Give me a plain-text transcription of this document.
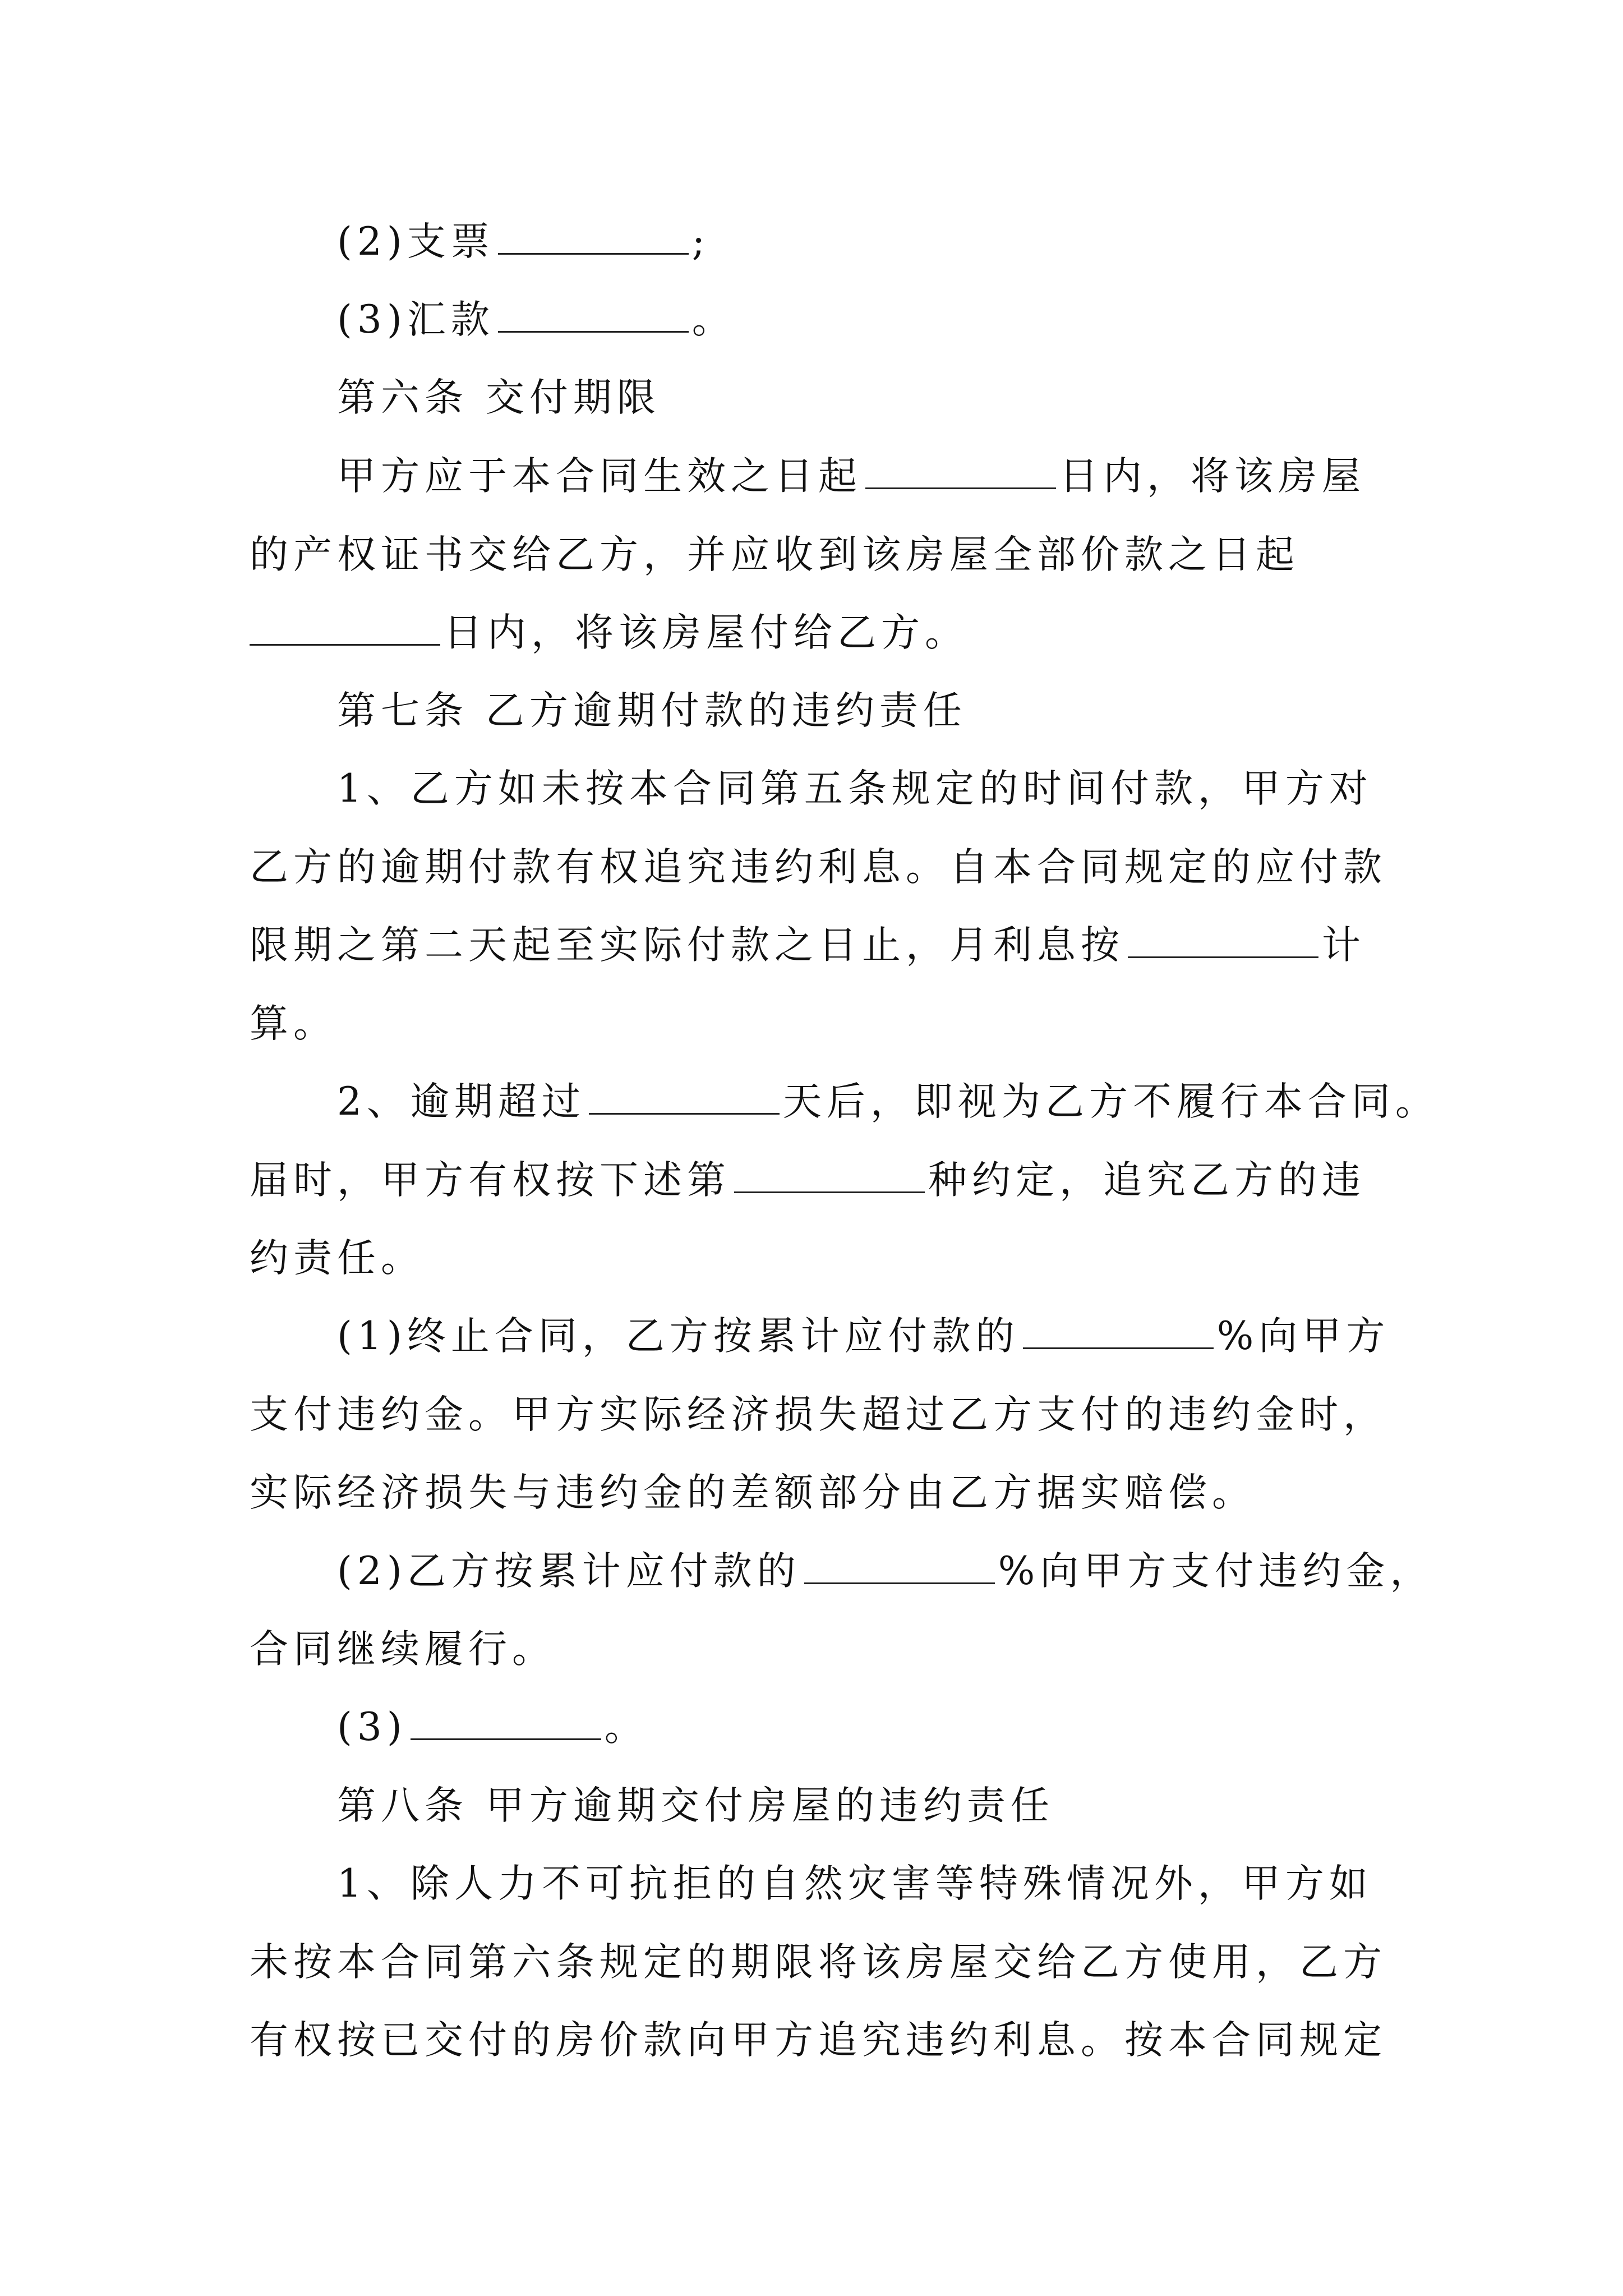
(2)支票	;
(3)汇款	。
第六条 交付期限
甲方应于本合同生效之日起	日内，将该房屋
的产权证书交给乙方，并应收到该房屋全部价款之日起
日内，将该房屋付给乙方。
第七条 乙方逾期付款的违约责任
1、乙方如未按本合同第五条规定的时间付款，甲方对
乙方的逾期付款有权追究违约利息。自本合同规定的应付款
限期之第二天起至实际付款之日止，月利息按	计
算。
2、逾期超过	天后，即视为乙方不履行本合同。
届时，甲方有权按下述第	种约定，追究乙方的违
约责任。
(1)终止合同，乙方按累计应付款的	%向甲方
支付违约金。甲方实际经济损失超过乙方支付的违约金时，
实际经济损失与违约金的差额部分由乙方据实赔偿。
(2)乙方按累计应付款的	%向甲方支付违约金，
合同继续履行。
(3)	。
第八条 甲方逾期交付房屋的违约责任
1、除人力不可抗拒的自然灾害等特殊情况外，甲方如
未按本合同第六条规定的期限将该房屋交给乙方使用，乙方
有权按已交付的房价款向甲方追究违约利息。按本合同规定
